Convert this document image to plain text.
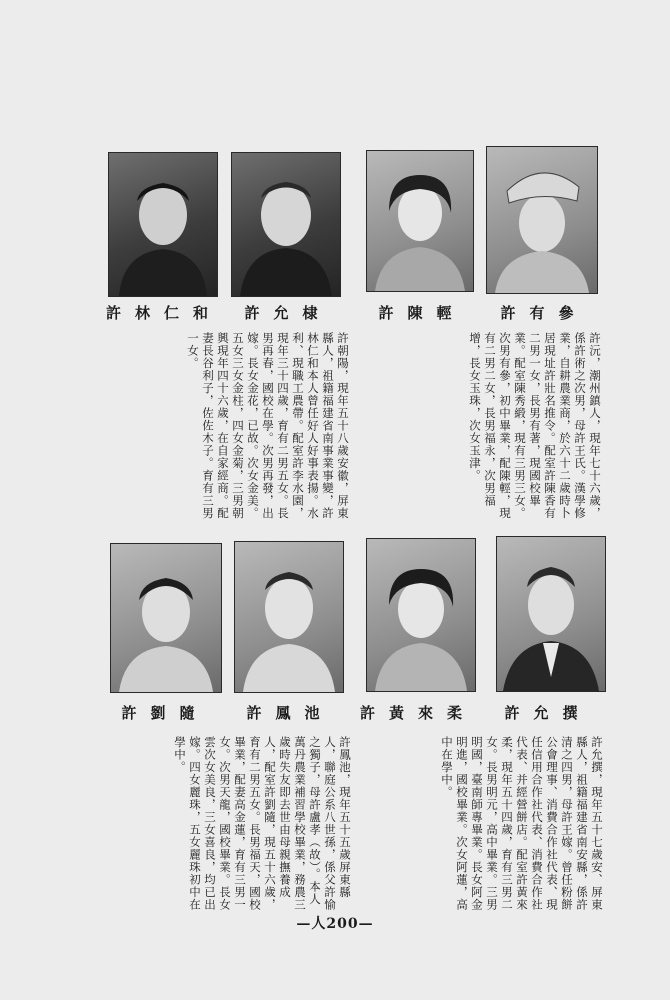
許林仁和	許允棣	許陳輕	許有參
許朝陽，現年五十八歲安徽，屏東縣人，祖籍福建省南事業事變，許林仁和本人曾任好人好事表揚。水利、現職工農帶。配室許李水園，現年三十四歲，育有二男五女。長男再春，國校在學。次男再發，出嫁。長女金花，已故。次女金美。五女三女金柱，四女金菊，三男朝興現年四十六歲，在自家經商。配妻長谷利子，佐佐木子。育有三男一女。	許沅，潮州鎮人，現年七十六歲，係許術之次男，母許王氏。漢學修業，自耕農業商，於六十二歲時卜居現址許壯名推令。配室許陳香有二男一女，長男有著，現國校畢業。配室陳秀緞，現有三男三女。次男有參，初中畢業，配陳輕，現有二男二女，長男福永，次男福增，長女玉珠，次女玉津。
許劉隨	許鳳池	許黃來柔	許允撰
許鳳池，現年五十五歲屏東縣人，聯庭公系八世孫，係父許愉之獨子，母許盧孝（故）。本人萬丹農業補習學校畢業，務農三歲時失友即去世由母親撫養成人，配室許劉隨，現五十六歲，育有二男五女。長男福天，國校畢業，配妻高金蓮，育有三男一女。次男天龍，國校畢業。長女雲次女美良，三女喜良，均已出嫁。四女麗珠，五女麗珠初中在學中。	許允撰，現年五十七歲安、屏東縣人，祖籍福建省南安縣，係許清之四男，母許王嫁。曾任粉餅公會理事、消費合作社代表、現任信用合作社代表、消費合作社代表、并經營餅店。配室許黃來柔，現年五十四歲，育有三男二女。長男明元，高中畢業。三男明國，臺南師專畢業。長女阿金明進，國校畢業。次女阿蓮，高中在學中。
—人200—
